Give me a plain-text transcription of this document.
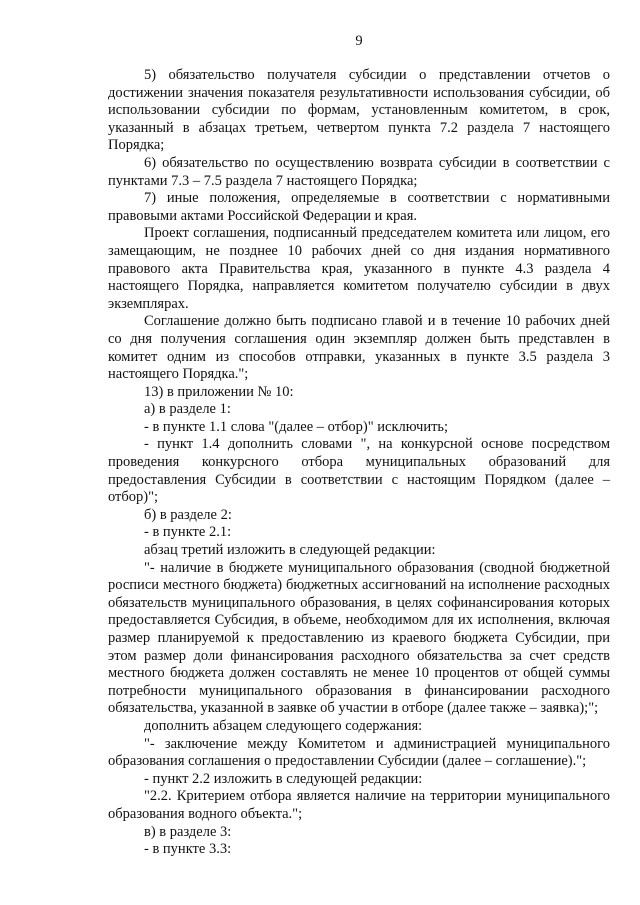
9

5) обязательство получателя субсидии о представлении отчетов о достижении значения показателя результативности использования субсидии, об использовании субсидии по формам, установленным комитетом, в срок, указанный в абзацах третьем, четвертом пункта 7.2 раздела 7 настоящего Порядка;

6) обязательство по осуществлению возврата субсидии в соответствии с пунктами 7.3 – 7.5 раздела 7 настоящего Порядка;

7) иные положения, определяемые в соответствии с нормативными правовыми актами Российской Федерации и края.

Проект соглашения, подписанный председателем комитета или лицом, его замещающим, не позднее 10 рабочих дней со дня издания нормативного правового акта Правительства края, указанного в пункте 4.3 раздела 4 настоящего Порядка, направляется комитетом получателю субсидии в двух экземплярах.

Соглашение должно быть подписано главой и в течение 10 рабочих дней со дня получения соглашения один экземпляр должен быть представлен в комитет одним из способов отправки, указанных в пункте 3.5 раздела 3 настоящего Порядка.";

13) в приложении № 10:

а) в разделе 1:

- в пункте 1.1 слова "(далее – отбор)" исключить;

- пункт 1.4 дополнить словами ", на конкурсной основе посредством проведения конкурсного отбора муниципальных образований для предоставления Субсидии в соответствии с настоящим Порядком (далее – отбор)";

б) в разделе 2:

- в пункте 2.1:

абзац третий изложить в следующей редакции:

"- наличие в бюджете муниципального образования (сводной бюджетной росписи местного бюджета) бюджетных ассигнований на исполнение расходных обязательств муниципального образования, в целях софинансирования которых предоставляется Субсидия, в объеме, необходимом для их исполнения, включая размер планируемой к предоставлению из краевого бюджета Субсидии, при этом размер доли финансирования расходного обязательства за счет средств местного бюджета должен составлять не менее 10 процентов от общей суммы потребности муниципального образования в финансировании расходного обязательства, указанной в заявке об участии в отборе (далее также – заявка);";

дополнить абзацем следующего содержания:

"- заключение между Комитетом и администрацией муниципального образования соглашения о предоставлении Субсидии (далее – соглашение).";

- пункт 2.2 изложить в следующей редакции:

"2.2. Критерием отбора является наличие на территории муниципального образования водного объекта.";

в) в разделе 3:

- в пункте 3.3:
